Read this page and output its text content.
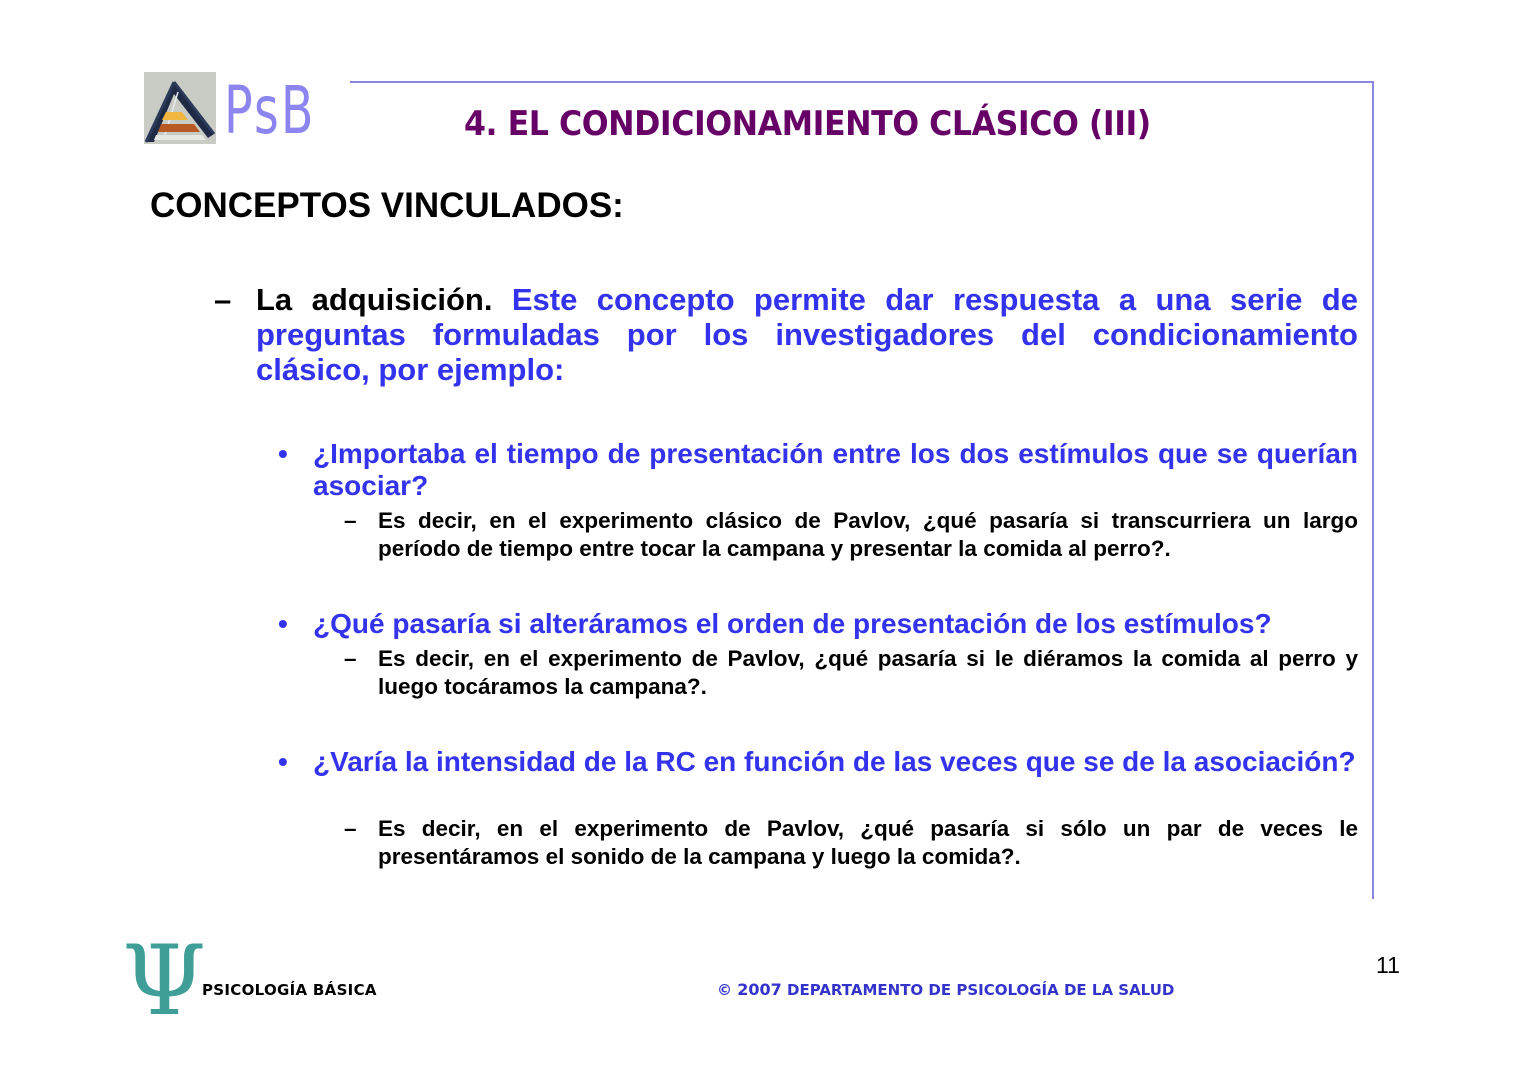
PsB	4. EL CONDICIONAMIENTO CLÁSICO (III)
CONCEPTOS VINCULADOS:
– La adquisición. Este concepto permite dar respuesta a una serie de preguntas formuladas por los investigadores del condicionamiento clásico, por ejemplo:
• ¿Importaba el tiempo de presentación entre los dos estímulos que se querían asociar?
– Es decir, en el experimento clásico de Pavlov, ¿qué pasaría si transcurriera un largo período de tiempo entre tocar la campana y presentar la comida al perro?.
• ¿Qué pasaría si alteráramos el orden de presentación de los estímulos?
– Es decir, en el experimento de Pavlov, ¿qué pasaría si le diéramos la comida al perro y luego tocáramos la campana?.
• ¿Varía la intensidad de la RC en función de las veces que se de la asociación?
– Es decir, en el experimento de Pavlov, ¿qué pasaría si sólo un par de veces le presentáramos el sonido de la campana y luego la comida?.
Ψ
PSICOLOGÍA BÁSICA	© 2007 DEPARTAMENTO DE PSICOLOGÍA DE LA SALUD
11
